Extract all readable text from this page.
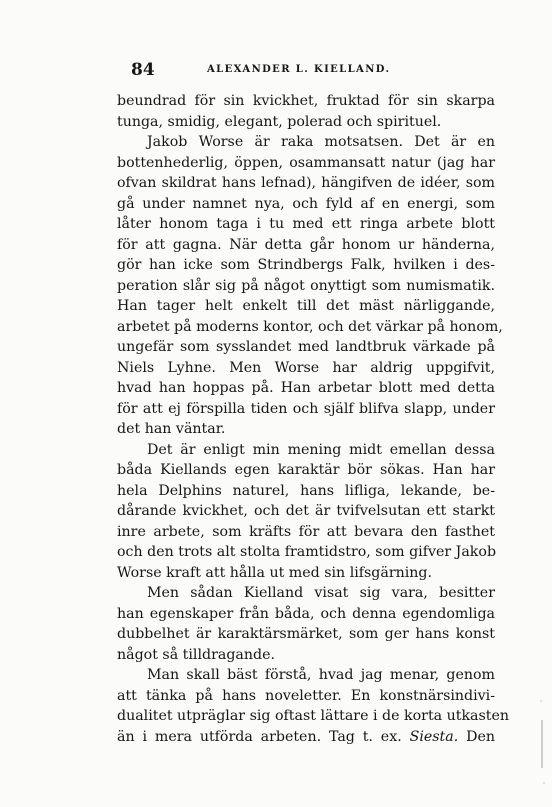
84	ALEXANDER L. KIELLAND.
beundrad för sin kvickhet, fruktad för sin skarpa
tunga, smidig, elegant, polerad och spirituel.
Jakob Worse är raka motsatsen. Det är en
bottenhederlig, öppen, osammansatt natur (jag har
ofvan skildrat hans lefnad), hängifven de idéer, som
gå under namnet nya, och fyld af en energi, som
låter honom taga i tu med ett ringa arbete blott
för att gagna. När detta går honom ur händerna,
gör han icke som Strindbergs Falk, hvilken i des-
peration slår sig på något onyttigt som numismatik.
Han tager helt enkelt till det mäst närliggande,
arbetet på moderns kontor, och det värkar på honom,
ungefär som sysslandet med landtbruk värkade på
Niels Lyhne. Men Worse har aldrig uppgifvit,
hvad han hoppas på. Han arbetar blott med detta
för att ej förspilla tiden och själf blifva slapp, under
det han väntar.
Det är enligt min mening midt emellan dessa
båda Kiellands egen karaktär bör sökas. Han har
hela Delphins naturel, hans lifliga, lekande, be-
dårande kvickhet, och det är tvifvelsutan ett starkt
inre arbete, som kräfts för att bevara den fasthet
och den trots alt stolta framtidstro, som gifver Jakob
Worse kraft att hålla ut med sin lifsgärning.
Men sådan Kielland visat sig vara, besitter
han egenskaper från båda, och denna egendomliga
dubbelhet är karaktärsmärket, som ger hans konst
något så tilldragande.
Man skall bäst förstå, hvad jag menar, genom
att tänka på hans noveletter. En konstnärsindivi-
dualitet utpräglar sig oftast lättare i de korta utkasten
än i mera utförda arbeten. Tag t. ex. Siesta. Den
